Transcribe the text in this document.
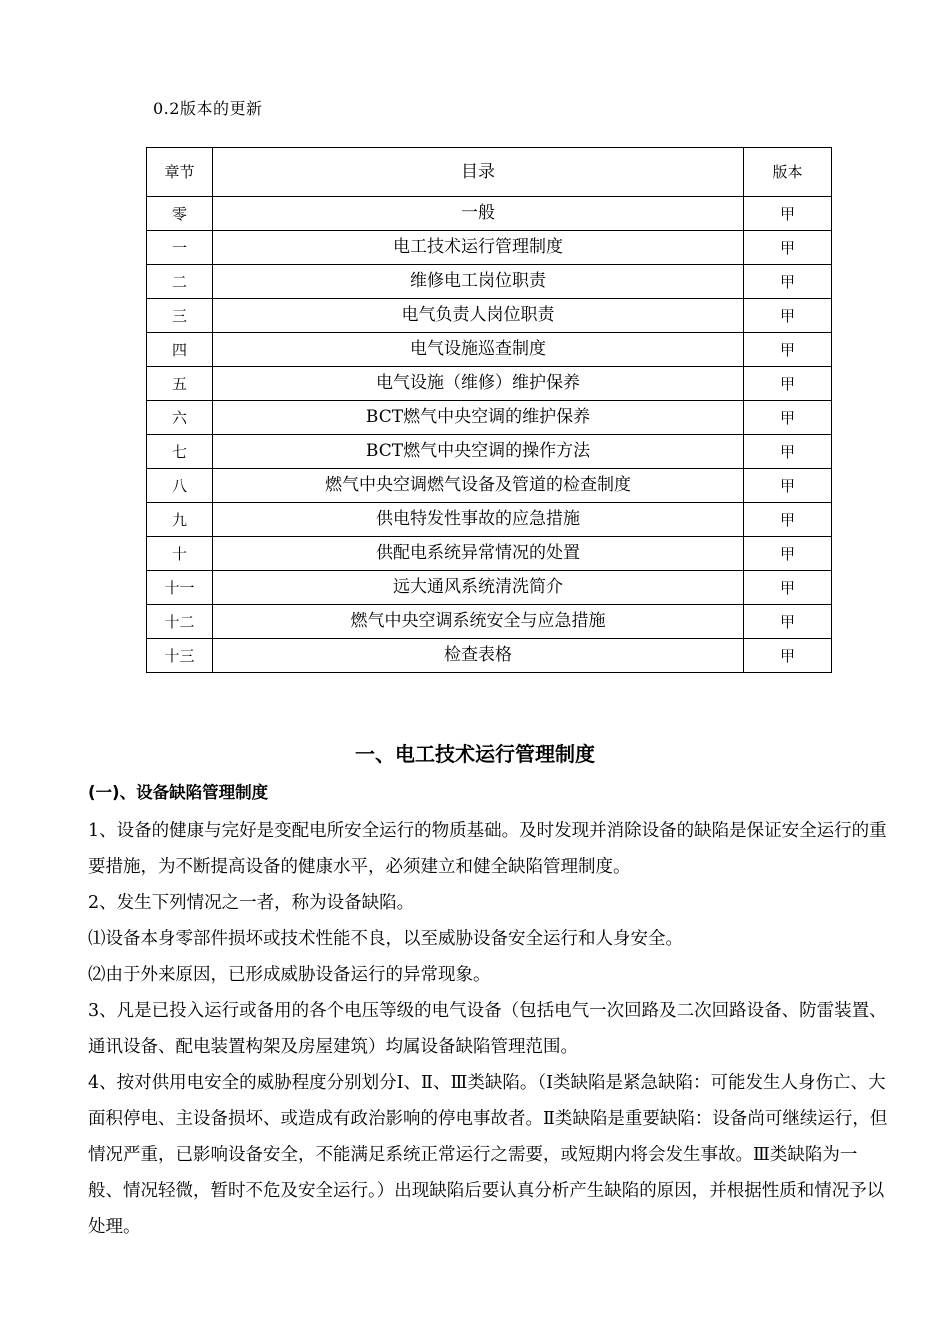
0.2版本的更新
章节	目录	版本
零	一般	甲
一	电工技术运行管理制度	甲
二	维修电工岗位职责	甲
三	电气负责人岗位职责	甲
四	电气设施巡查制度	甲
五	电气设施（维修）维护保养	甲
六	BCT燃气中央空调的维护保养	甲
七	BCT燃气中央空调的操作方法	甲
八	燃气中央空调燃气设备及管道的检查制度	甲
九	供电特发性事故的应急措施	甲
十	供配电系统异常情况的处置	甲
十一	远大通风系统清洗简介	甲
十二	燃气中央空调系统安全与应急措施	甲
十三	检查表格	甲
一、电工技术运行管理制度
(一)、设备缺陷管理制度

1、设备的健康与完好是变配电所安全运行的物质基础。及时发现并消除设备的缺陷是保证安全运行的重要措施，为不断提高设备的健康水平，必须建立和健全缺陷管理制度。

2、发生下列情况之一者，称为设备缺陷。

⑴设备本身零部件损坏或技术性能不良，以至威胁设备安全运行和人身安全。

⑵由于外来原因，已形成威胁设备运行的异常现象。

3、凡是已投入运行或备用的各个电压等级的电气设备（包括电气一次回路及二次回路设备、防雷装置、通讯设备、配电装置构架及房屋建筑）均属设备缺陷管理范围。

4、按对供用电安全的威胁程度分别划分Ⅰ、Ⅱ、Ⅲ类缺陷。（Ⅰ类缺陷是紧急缺陷：可能发生人身伤亡、大面积停电、主设备损坏、或造成有政治影响的停电事故者。Ⅱ类缺陷是重要缺陷：设备尚可继续运行，但情况严重，已影响设备安全，不能满足系统正常运行之需要，或短期内将会发生事故。Ⅲ类缺陷为一般、情况轻微，暂时不危及安全运行。）出现缺陷后要认真分析产生缺陷的原因，并根据性质和情况予以处理。
